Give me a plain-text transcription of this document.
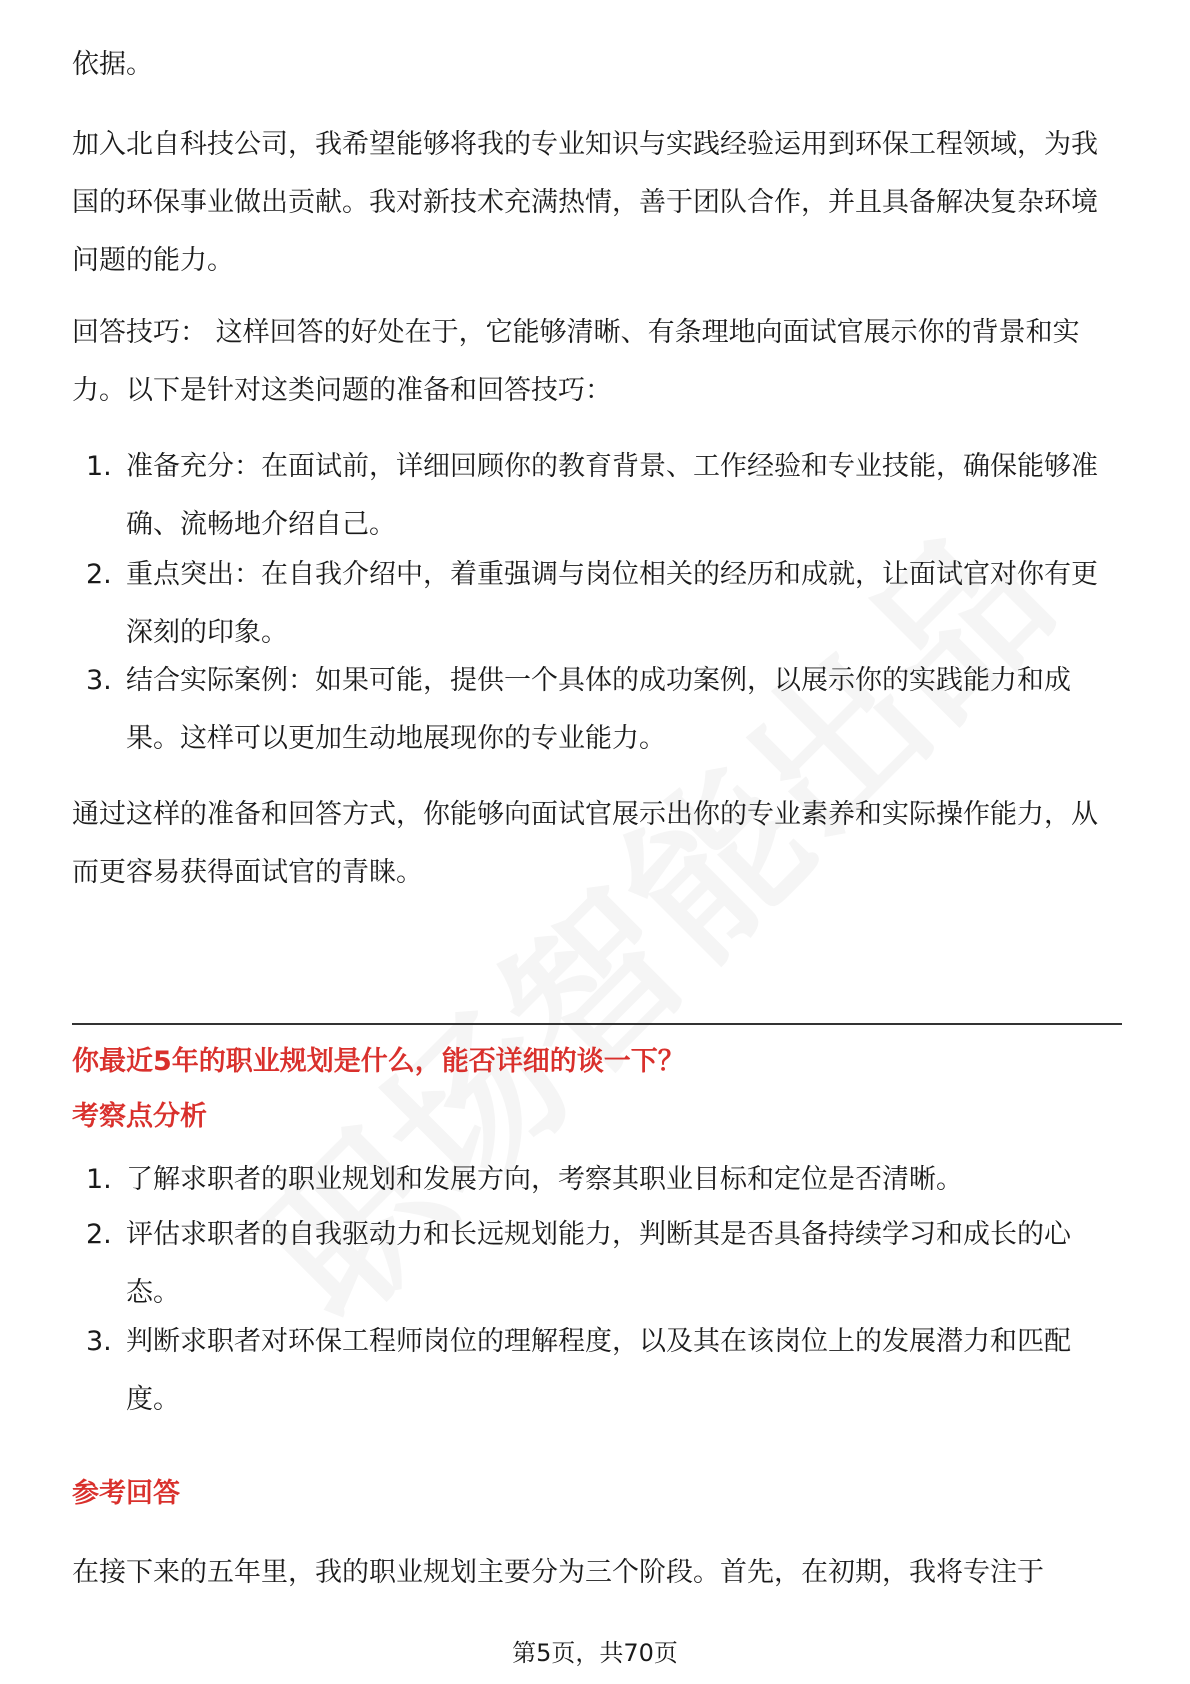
依据。

加入北自科技公司，我希望能够将我的专业知识与实践经验运用到环保工程领域，为我国的环保事业做出贡献。我对新技术充满热情，善于团队合作，并且具备解决复杂环境问题的能力。

回答技巧： 这样回答的好处在于，它能够清晰、有条理地向面试官展示你的背景和实力。以下是针对这类问题的准备和回答技巧：

1. 准备充分：在面试前，详细回顾你的教育背景、工作经验和专业技能，确保能够准确、流畅地介绍自己。
2. 重点突出：在自我介绍中，着重强调与岗位相关的经历和成就，让面试官对你有更深刻的印象。
3. 结合实际案例：如果可能，提供一个具体的成功案例，以展示你的实践能力和成果。这样可以更加生动地展现你的专业能力。

通过这样的准备和回答方式，你能够向面试官展示出你的专业素养和实际操作能力，从而更容易获得面试官的青睐。

你最近5年的职业规划是什么，能否详细的谈一下？
考察点分析
1. 了解求职者的职业规划和发展方向，考察其职业目标和定位是否清晰。
2. 评估求职者的自我驱动力和长远规划能力，判断其是否具备持续学习和成长的心态。
3. 判断求职者对环保工程师岗位的理解程度，以及其在该岗位上的发展潜力和匹配度。
参考回答

在接下来的五年里，我的职业规划主要分为三个阶段。首先，在初期，我将专注于

第5页，共70页
